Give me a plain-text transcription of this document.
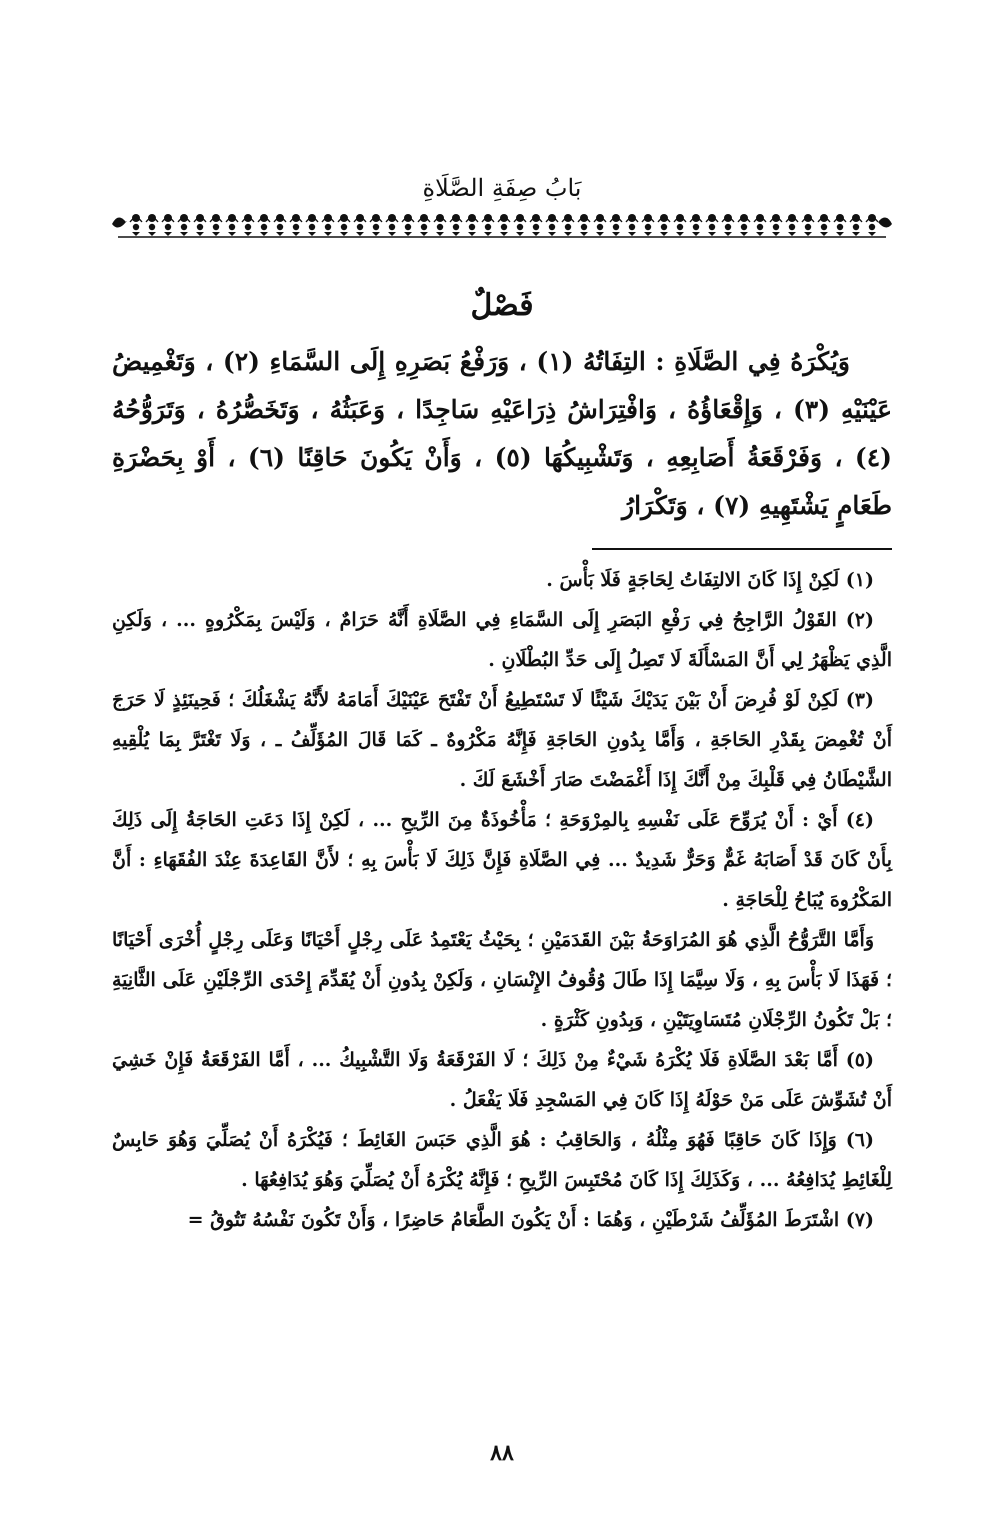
بَابُ صِفَةِ الصَّلَاةِ
فَصْلٌ

وَيُكْرَهُ فِي الصَّلَاةِ : التِفَاتُهُ (١) ، وَرَفْعُ بَصَرِهِ إِلَى السَّمَاءِ (٢) ، وَتَغْمِيضُ عَيْنَيْهِ (٣) ، وَإِقْعَاؤُهُ ، وَافْتِرَاشُ ذِرَاعَيْهِ سَاجِدًا ، وَعَبَثُهُ ، وَتَخَصُّرُهُ ، وَتَرَوُّحُهُ (٤) ، وَفَرْقَعَةُ أَصَابِعِهِ ، وَتَشْبِيكُهَا (٥) ، وَأَنْ يَكُونَ حَاقِنًا (٦) ، أَوْ بِحَضْرَةِ طَعَامٍ يَشْتَهِيهِ (٧) ، وَتَكْرَارُ

(١) لَكِنْ إِذَا كَانَ الالتِفَاتُ لِحَاجَةٍ فَلَا بَأْسَ .

(٢) القَوْلُ الرَّاجِحُ فِي رَفْعِ البَصَرِ إِلَى السَّمَاءِ فِي الصَّلَاةِ أَنَّهُ حَرَامٌ ، وَلَيْسَ بِمَكْرُوهٍ ... ، وَلَكِنِ الَّذِي يَظْهَرُ لِي أَنَّ المَسْأَلَةَ لَا تَصِلُ إِلَى حَدِّ البُطْلَانِ .

(٣) لَكِنْ لَوْ فُرِضَ أَنْ بَيْنَ يَدَيْكَ شَيْئًا لَا تَسْتَطِيعُ أَنْ تَفْتَحَ عَيْنَيْكَ أَمَامَهُ لأَنَّهُ يَشْغَلُكَ ؛ فَحِينَئِذٍ لَا حَرَجَ أَنْ تُغْمِضَ بِقَدْرِ الحَاجَةِ ، وَأَمَّا بِدُونِ الحَاجَةِ فَإِنَّهُ مَكْرُوهٌ ـ كَمَا قَالَ المُؤَلِّفُ ـ ، وَلَا تَغْتَرَّ بِمَا يُلْقِيهِ الشَّيْطَانُ فِي قَلْبِكَ مِنْ أَنَّكَ إِذَا أَغْمَضْتَ صَارَ أَخْشَعَ لَكَ .

(٤) أَيْ : أَنْ يُرَوِّحَ عَلَى نَفْسِهِ بِالمِرْوَحَةِ ؛ مَأْخُوذَةٌ مِنَ الرِّيحِ ... ، لَكِنْ إِذَا دَعَتِ الحَاجَةُ إِلَى ذَلِكَ بِأَنْ كَانَ قَدْ أَصَابَهُ غَمٌّ وَحَرٌّ شَدِيدٌ ... فِي الصَّلَاةِ فَإِنَّ ذَلِكَ لَا بَأْسَ بِهِ ؛ لأَنَّ القَاعِدَةَ عِنْدَ الفُقَهَاءِ : أَنَّ المَكْرُوهَ يُبَاحُ لِلْحَاجَةِ .

وَأَمَّا التَّرَوُّحُ الَّذِي هُوَ المُرَاوَحَةُ بَيْنَ القَدَمَيْنِ ؛ بِحَيْثُ يَعْتَمِدُ عَلَى رِجْلٍ أَحْيَانًا وَعَلَى رِجْلٍ أُخْرَى أَحْيَانًا ؛ فَهَذَا لَا بَأْسَ بِهِ ، وَلَا سِيَّمَا إِذَا طَالَ وُقُوفُ الإِنْسَانِ ، وَلَكِنْ بِدُونِ أَنْ يُقَدِّمَ إِحْدَى الرِّجْلَيْنِ عَلَى الثَّانِيَةِ ؛ بَلْ تَكُونُ الرِّجْلَانِ مُتَسَاوِيَتَيْنِ ، وَبِدُونِ كَثْرَةٍ .

(٥) أَمَّا بَعْدَ الصَّلَاةِ فَلَا يُكْرَهُ شَيْءٌ مِنْ ذَلِكَ ؛ لَا الفَرْقَعَةُ وَلَا التَّشْبِيكُ ... ، أَمَّا الفَرْقَعَةُ فَإِنْ خَشِيَ أَنْ تُشَوِّشَ عَلَى مَنْ حَوْلَهُ إِذَا كَانَ فِي المَسْجِدِ فَلَا يَفْعَلُ .

(٦) وَإِذَا كَانَ حَاقِبًا فَهُوَ مِثْلُهُ ، وَالحَاقِبُ : هُوَ الَّذِي حَبَسَ الغَائِطَ ؛ فَيُكْرَهُ أَنْ يُصَلِّيَ وَهُوَ حَابِسٌ لِلْغَائِطِ يُدَافِعُهُ ... ، وَكَذَلِكَ إِذَا كَانَ مُحْتَبِسَ الرِّيحِ ؛ فَإِنَّهُ يُكْرَهُ أَنْ يُصَلِّيَ وَهُوَ يُدَافِعُهَا .

(٧) اشْتَرَطَ المُؤَلِّفُ شَرْطَيْنِ ، وَهُمَا : أَنْ يَكُونَ الطَّعَامُ حَاضِرًا ، وَأَنْ تَكُونَ نَفْسُهُ تَتُوقُ =

٨٨
